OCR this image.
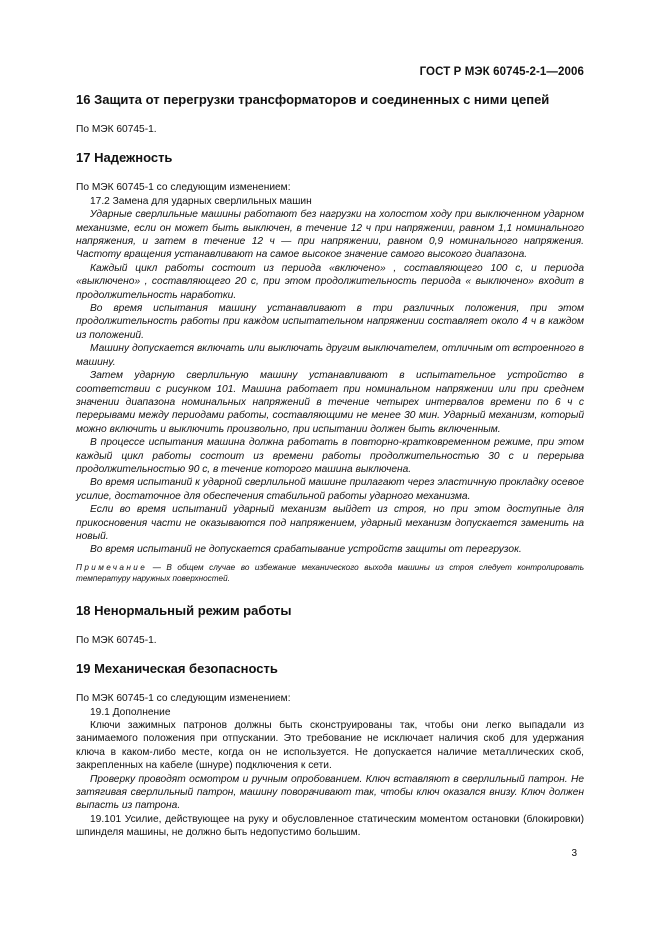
ГОСТ Р МЭК 60745-2-1—2006

16 Защита от перегрузки трансформаторов и соединенных с ними цепей

По МЭК 60745-1.

17 Надежность

По МЭК 60745-1 со следующим изменением:

17.2 Замена для ударных сверлильных машин

Ударные сверлильные машины работают без нагрузки на холостом ходу при выключенном ударном механизме, если он может быть выключен, в течение 12 ч при напряжении, равном 1,1 номинального напряжения, и затем в течение 12 ч — при напряжении, равном 0,9 номинального напряжения. Частоту вращения устанавливают на самое высокое значение самого высокого диапазона.

Каждый цикл работы состоит из периода «включено» , составляющего 100 с, и периода «выключено» , составляющего 20 с, при этом продолжительность периода « выключено» входит в продолжительность наработки.

Во время испытания машину устанавливают в три различных положения, при этом продолжительность работы при каждом испытательном напряжении составляет около 4 ч в каждом из положений.

Машину допускается включать или выключать другим выключателем, отличным от встроенного в машину.

Затем ударную сверлильную машину устанавливают в испытательное устройство в соответствии с рисунком 101. Машина работает при номинальном напряжении или при среднем значении диапазона номинальных напряжений в течение четырех интервалов времени по 6 ч с перерывами между периодами работы, составляющими не менее 30 мин. Ударный механизм, который можно включить и выключить произвольно, при испытании должен быть включенным.

В процессе испытания машина должна работать в повторно-кратковременном режиме, при этом каждый цикл работы состоит из времени работы продолжительностью 30 с и перерыва продолжительностью 90 с, в течение которого машина выключена.

Во время испытаний к ударной сверлильной машине прилагают через эластичную прокладку осевое усилие, достаточное для обеспечения стабильной работы ударного механизма.

Если во время испытаний ударный механизм выйдет из строя, но при этом доступные для прикосновения части не оказываются под напряжением, ударный механизм допускается заменить на новый.

Во время испытаний не допускается срабатывание устройств защиты от перегрузок.

Примечание — В общем случае во избежание механического выхода машины из строя следует контролировать температуру наружных поверхностей.

18 Ненормальный режим работы

По МЭК 60745-1.

19 Механическая безопасность

По МЭК 60745-1 со следующим изменением:

19.1 Дополнение

Ключи зажимных патронов должны быть сконструированы так, чтобы они легко выпадали из занимаемого положения при отпускании. Это требование не исключает наличия скоб для удержания ключа в каком-либо месте, когда он не используется. Не допускается наличие металлических скоб, закрепленных на кабеле (шнуре) подключения к сети.

Проверку проводят осмотром и ручным опробованием. Ключ вставляют в сверлильный патрон. Не затягивая сверлильный патрон, машину поворачивают так, чтобы ключ оказался внизу. Ключ должен выпасть из патрона.

19.101 Усилие, действующее на руку и обусловленное статическим моментом остановки (блокировки) шпинделя машины, не должно быть недопустимо большим.

3
